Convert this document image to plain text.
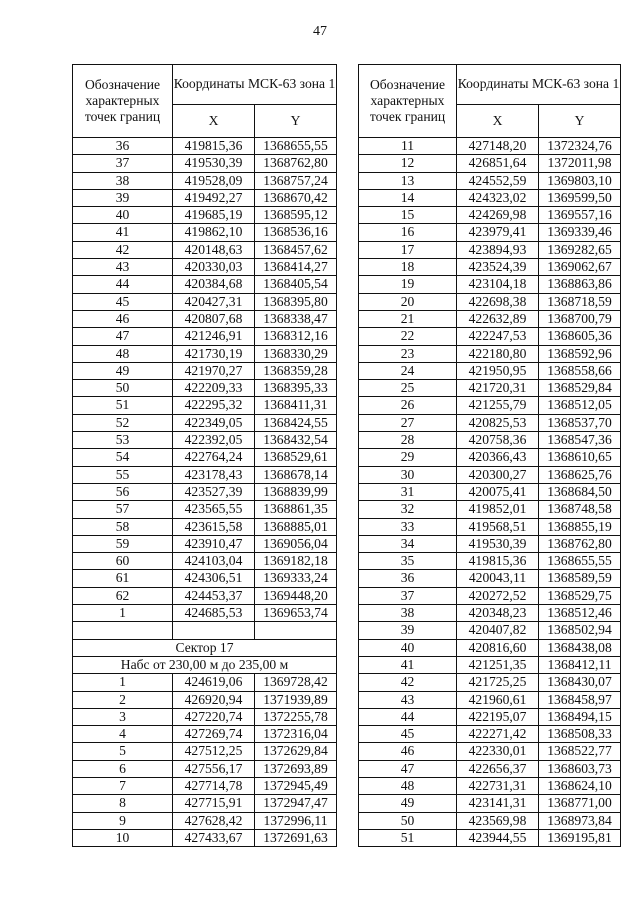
47
Обозначение характерных точек границ	Координаты МСК-63 зона 1	
	X	Y
36	419815,36	1368655,55
37	419530,39	1368762,80
38	419528,09	1368757,24
39	419492,27	1368670,42
40	419685,19	1368595,12
41	419862,10	1368536,16
42	420148,63	1368457,62
43	420330,03	1368414,27
44	420384,68	1368405,54
45	420427,31	1368395,80
46	420807,68	1368338,47
47	421246,91	1368312,16
48	421730,19	1368330,29
49	421970,27	1368359,28
50	422209,33	1368395,33
51	422295,32	1368411,31
52	422349,05	1368424,55
53	422392,05	1368432,54
54	422764,24	1368529,61
55	423178,43	1368678,14
56	423527,39	1368839,99
57	423565,55	1368861,35
58	423615,58	1368885,01
59	423910,47	1369056,04
60	424103,04	1369182,18
61	424306,51	1369333,24
62	424453,37	1369448,20
1	424685,53	1369653,74

Сектор 17		
Набс от 230,00 м до 235,00 м		
1	424619,06	1369728,42
2	426920,94	1371939,89
3	427220,74	1372255,78
4	427269,74	1372316,04
5	427512,25	1372629,84
6	427556,17	1372693,89
7	427714,78	1372945,49
8	427715,91	1372947,47
9	427628,42	1372996,11
10	427433,67	1372691,63
Обозначение характерных точек границ	Координаты МСК-63 зона 1	
	X	Y
11	427148,20	1372324,76
12	426851,64	1372011,98
13	424552,59	1369803,10
14	424323,02	1369599,50
15	424269,98	1369557,16
16	423979,41	1369339,46
17	423894,93	1369282,65
18	423524,39	1369062,67
19	423104,18	1368863,86
20	422698,38	1368718,59
21	422632,89	1368700,79
22	422247,53	1368605,36
23	422180,80	1368592,96
24	421950,95	1368558,66
25	421720,31	1368529,84
26	421255,79	1368512,05
27	420825,53	1368537,70
28	420758,36	1368547,36
29	420366,43	1368610,65
30	420300,27	1368625,76
31	420075,41	1368684,50
32	419852,01	1368748,58
33	419568,51	1368855,19
34	419530,39	1368762,80
35	419815,36	1368655,55
36	420043,11	1368589,59
37	420272,52	1368529,75
38	420348,23	1368512,46
39	420407,82	1368502,94
40	420816,60	1368438,08
41	421251,35	1368412,11
42	421725,25	1368430,07
43	421960,61	1368458,97
44	422195,07	1368494,15
45	422271,42	1368508,33
46	422330,01	1368522,77
47	422656,37	1368603,73
48	422731,31	1368624,10
49	423141,31	1368771,00
50	423569,98	1368973,84
51	423944,55	1369195,81
